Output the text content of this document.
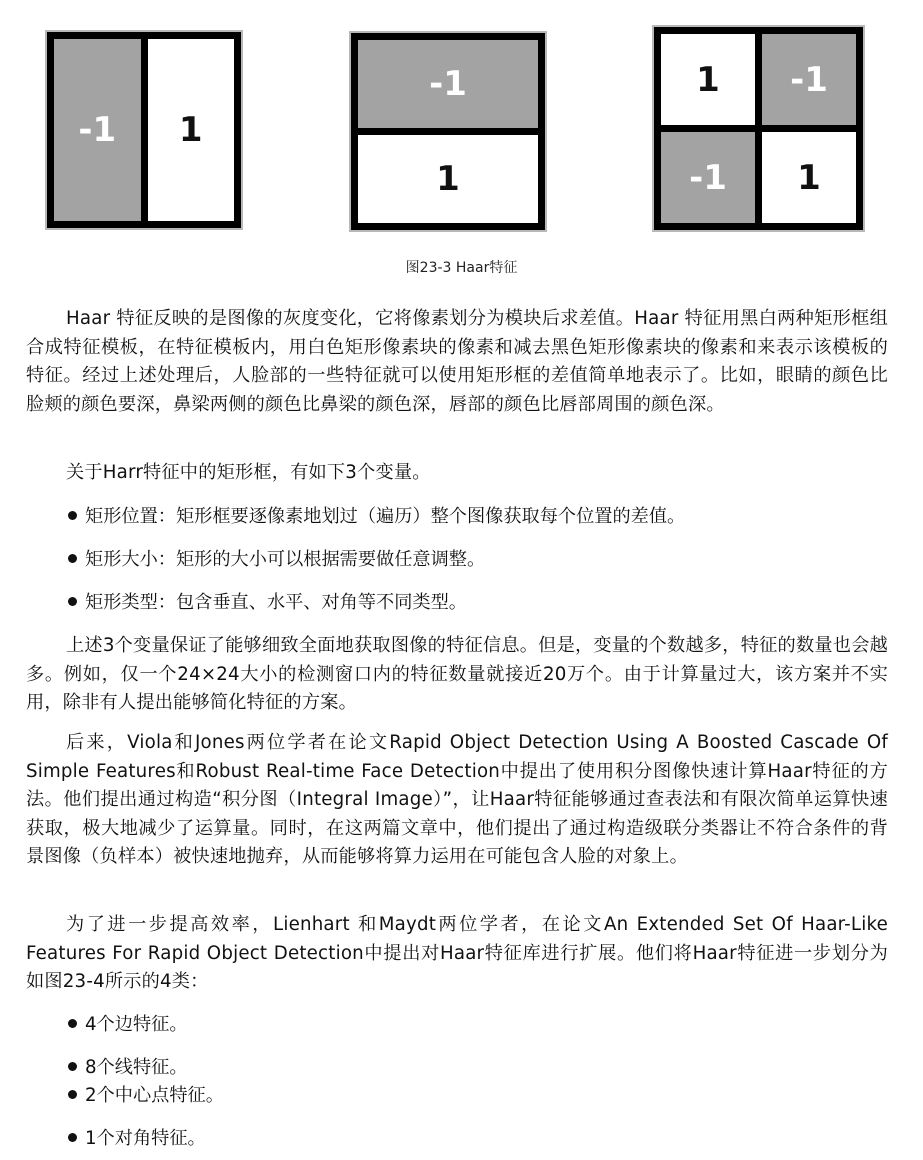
-1	1
-1
1
1	-1
-1	1
图23-3 Haar特征

Haar 特征反映的是图像的灰度变化，它将像素划分为模块后求差值。Haar 特征用黑白两种矩形框组合成特征模板，在特征模板内，用白色矩形像素块的像素和减去黑色矩形像素块的像素和来表示该模板的特征。经过上述处理后，人脸部的一些特征就可以使用矩形框的差值简单地表示了。比如，眼睛的颜色比脸颊的颜色要深，鼻梁两侧的颜色比鼻梁的颜色深，唇部的颜色比唇部周围的颜色深。

关于Harr特征中的矩形框，有如下3个变量。

矩形位置：矩形框要逐像素地划过（遍历）整个图像获取每个位置的差值。
矩形大小：矩形的大小可以根据需要做任意调整。
矩形类型：包含垂直、水平、对角等不同类型。

上述3个变量保证了能够细致全面地获取图像的特征信息。但是，变量的个数越多，特征的数量也会越多。例如，仅一个24×24大小的检测窗口内的特征数量就接近20万个。由于计算量过大，该方案并不实用，除非有人提出能够简化特征的方案。

后来，Viola和Jones两位学者在论文Rapid Object Detection Using A Boosted Cascade Of Simple Features和Robust Real-time Face Detection中提出了使用积分图像快速计算Haar特征的方法。他们提出通过构造“积分图（Integral Image）”，让Haar特征能够通过查表法和有限次简单运算快速获取，极大地减少了运算量。同时，在这两篇文章中，他们提出了通过构造级联分类器让不符合条件的背景图像（负样本）被快速地抛弃，从而能够将算力运用在可能包含人脸的对象上。

为了进一步提高效率，Lienhart 和Maydt两位学者，在论文An Extended Set Of Haar-Like Features For Rapid Object Detection中提出对Haar特征库进行扩展。他们将Haar特征进一步划分为如图23-4所示的4类：

4个边特征。
8个线特征。
2个中心点特征。
1个对角特征。
